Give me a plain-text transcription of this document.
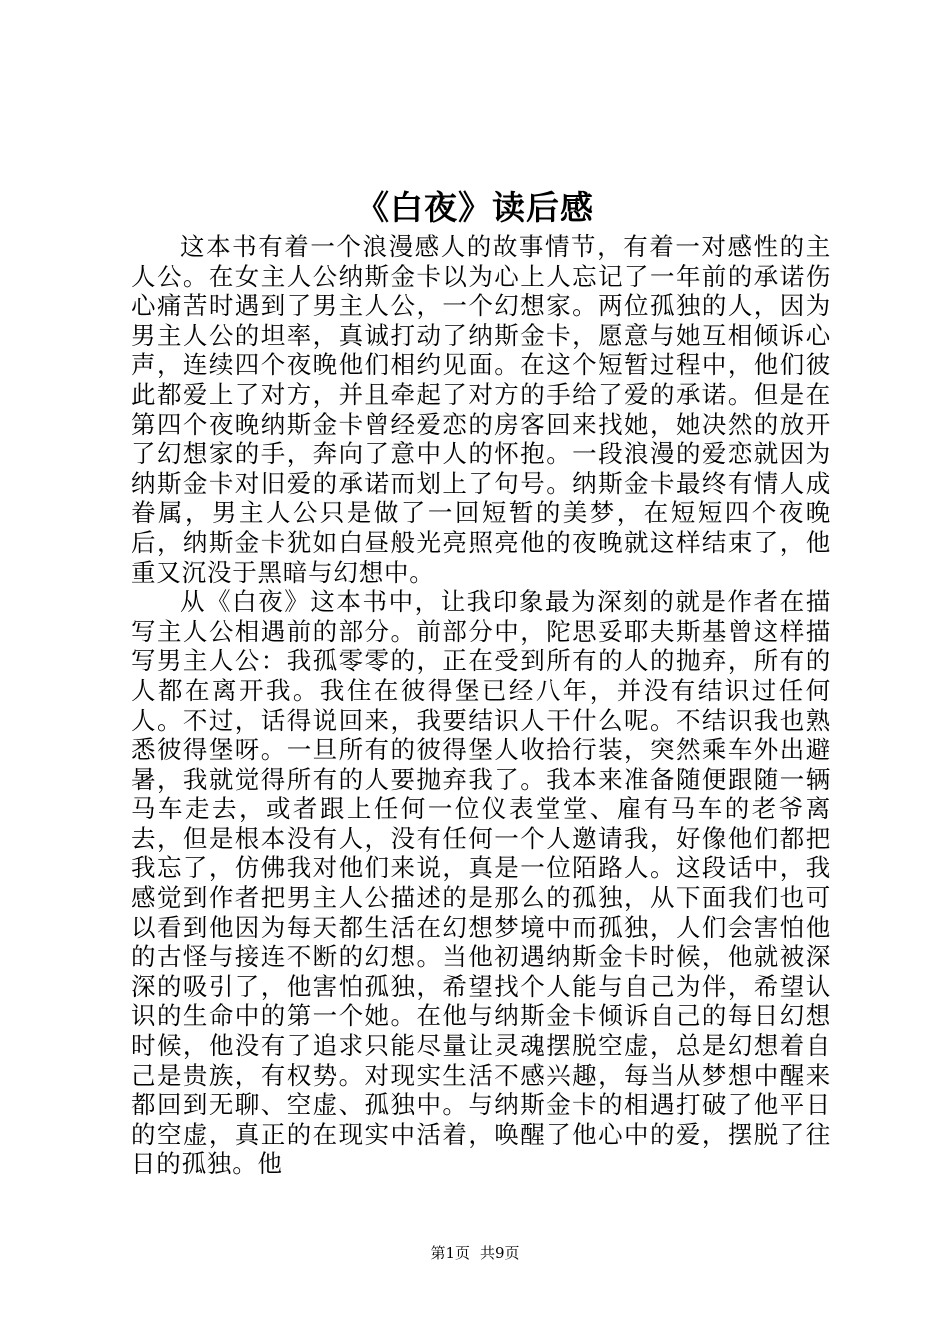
《白夜》读后感

这本书有着一个浪漫感人的故事情节，有着一对感性的主人公。在女主人公纳斯金卡以为心上人忘记了一年前的承诺伤心痛苦时遇到了男主人公，一个幻想家。两位孤独的人，因为男主人公的坦率，真诚打动了纳斯金卡，愿意与她互相倾诉心声，连续四个夜晚他们相约见面。在这个短暂过程中，他们彼此都爱上了对方，并且牵起了对方的手给了爱的承诺。但是在第四个夜晚纳斯金卡曾经爱恋的房客回来找她，她决然的放开了幻想家的手，奔向了意中人的怀抱。一段浪漫的爱恋就因为纳斯金卡对旧爱的承诺而划上了句号。纳斯金卡最终有情人成眷属，男主人公只是做了一回短暂的美梦，在短短四个夜晚后，纳斯金卡犹如白昼般光亮照亮他的夜晚就这样结束了，他重又沉没于黑暗与幻想中。

从《白夜》这本书中，让我印象最为深刻的就是作者在描写主人公相遇前的部分。前部分中，陀思妥耶夫斯基曾这样描写男主人公：我孤零零的，正在受到所有的人的抛弃，所有的人都在离开我。我住在彼得堡已经八年，并没有结识过任何人。不过，话得说回来，我要结识人干什么呢。不结识我也熟悉彼得堡呀。一旦所有的彼得堡人收拾行装，突然乘车外出避暑，我就觉得所有的人要抛弃我了。我本来准备随便跟随一辆马车走去，或者跟上任何一位仪表堂堂、雇有马车的老爷离去，但是根本没有人，没有任何一个人邀请我，好像他们都把我忘了，仿佛我对他们来说，真是一位陌路人。这段话中，我感觉到作者把男主人公描述的是那么的孤独，从下面我们也可以看到他因为每天都生活在幻想梦境中而孤独，人们会害怕他的古怪与接连不断的幻想。当他初遇纳斯金卡时候，他就被深深的吸引了，他害怕孤独，希望找个人能与自己为伴，希望认识的生命中的第一个她。在他与纳斯金卡倾诉自己的每日幻想时候，他没有了追求只能尽量让灵魂摆脱空虚，总是幻想着自己是贵族，有权势。对现实生活不感兴趣，每当从梦想中醒来都回到无聊、空虚、孤独中。与纳斯金卡的相遇打破了他平日的空虚，真正的在现实中活着，唤醒了他心中的爱，摆脱了往日的孤独。他

第1页 共9页
